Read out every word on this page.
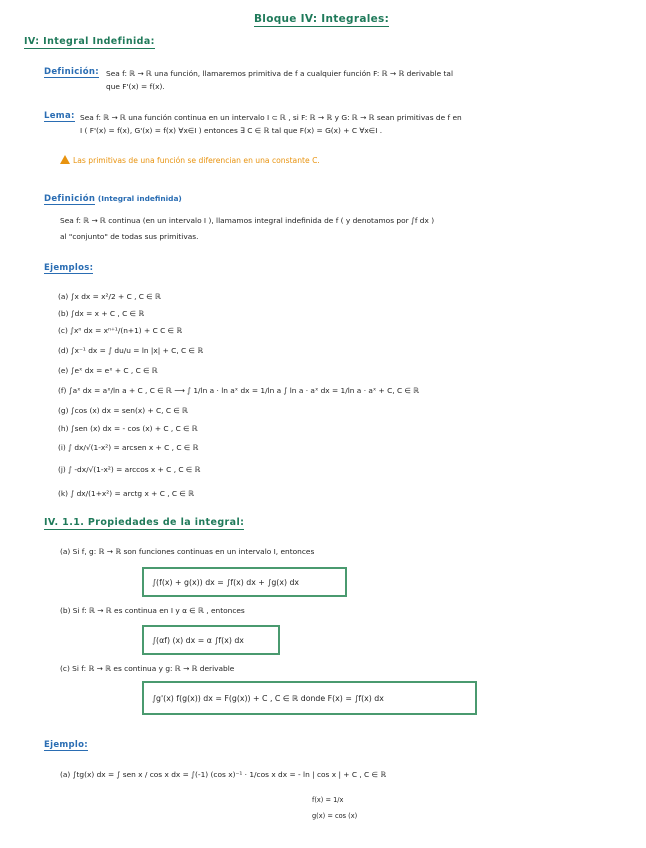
Bloque IV: Integrales:
IV: Integral Indefinida:
Definición: Sea f: ℝ → ℝ una función, llamaremos primitiva de f a cualquier función F: ℝ → ℝ derivable tal
que F'(x) = f(x).
Lema: Sea f: ℝ → ℝ una función continua en un intervalo I ⊂ ℝ , si F: ℝ → ℝ y G: ℝ → ℝ sean primitivas de f en
I ( F'(x) = f(x), G'(x) = f(x) ∀x∈I ) entonces ∃ C ∈ ℝ tal que F(x) = G(x) + C ∀x∈I .
Las primitivas de una función se diferencian en una constante C.
Definición (Integral indefinida)
Sea f: ℝ → ℝ continua (en un intervalo I ), llamamos integral indefinida de f ( y denotamos por ∫f dx )
al "conjunto" de todas sus primitivas.
Ejemplos:
(a) ∫x dx = x²/2 + C , C ∈ ℝ
(b) ∫dx = x + C , C ∈ ℝ
(c) ∫xⁿ dx = xⁿ⁺¹/(n+1) + C C ∈ ℝ
(d) ∫x⁻¹ dx = ∫ du/u = ln |x| + C, C ∈ ℝ
(e) ∫eˣ dx = eˣ + C , C ∈ ℝ
(f) ∫aˣ dx = aˣ/ln a + C , C ∈ ℝ ⟶ ∫ 1/ln a · ln aˣ dx = 1/ln a ∫ ln a · aˣ dx = 1/ln a · aˣ + C, C ∈ ℝ
(g) ∫cos (x) dx = sen(x) + C, C ∈ ℝ
(h) ∫sen (x) dx = - cos (x) + C , C ∈ ℝ
(i) ∫ dx/√(1-x²) = arcsen x + C , C ∈ ℝ
(j) ∫ -dx/√(1-x²) = arccos x + C , C ∈ ℝ
(k) ∫ dx/(1+x²) = arctg x + C , C ∈ ℝ
IV. 1.1. Propiedades de la integral:
(a) Si f, g: ℝ → ℝ son funciones continuas en un intervalo I, entonces
∫(f(x) + g(x)) dx = ∫f(x) dx + ∫g(x) dx
(b) Si f: ℝ → ℝ es continua en I y α ∈ ℝ , entonces
∫(αf) (x) dx = α ∫f(x) dx
(c) Si f: ℝ → ℝ es continua y g: ℝ → ℝ derivable
∫g'(x) f(g(x)) dx = F(g(x)) + C , C ∈ ℝ donde F(x) = ∫f(x) dx
Ejemplo:
(a) ∫tg(x) dx = ∫ sen x / cos x dx = ∫(-1) (cos x)⁻¹ · 1/cos x dx = - ln | cos x | + C , C ∈ ℝ
f(x) = 1/x
g(x) = cos (x)
